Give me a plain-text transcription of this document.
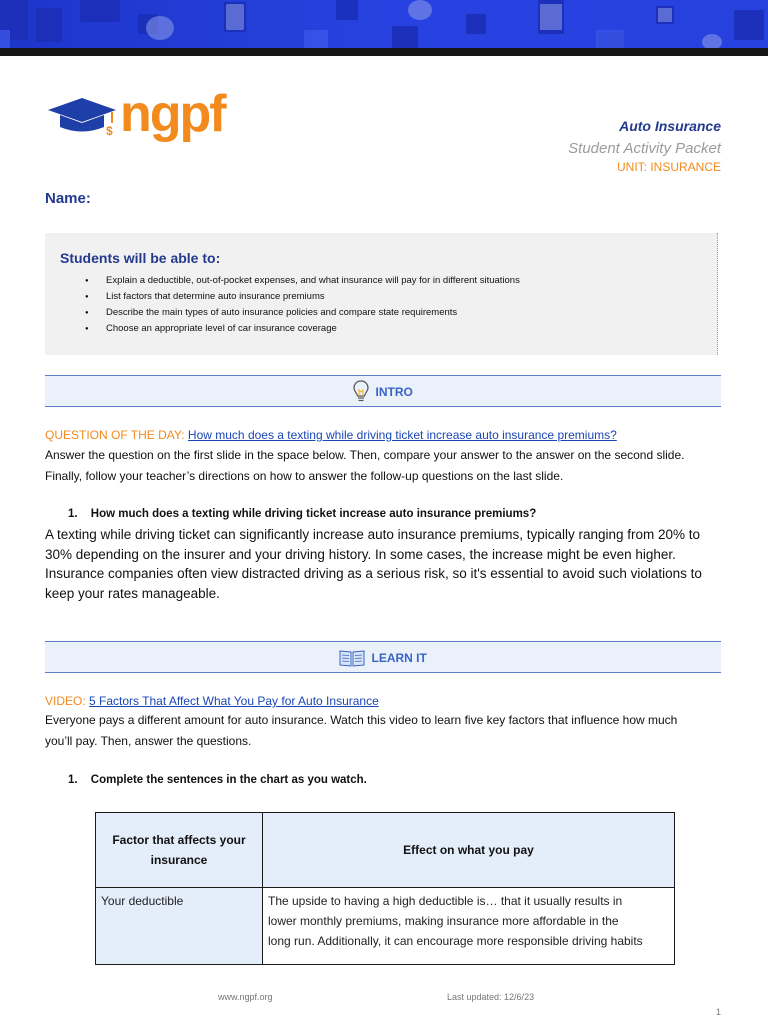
$ ngpf	Auto Insurance
Student Activity Packet
UNIT: INSURANCE
Name:
Students will be able to:
● Explain a deductible, out-of-pocket expenses, and what insurance will pay for in different situations
● List factors that determine auto insurance premiums
● Describe the main types of auto insurance policies and compare state requirements
● Choose an appropriate level of car insurance coverage
INTRO
QUESTION OF THE DAY: How much does a texting while driving ticket increase auto insurance premiums?
Answer the question on the first slide in the space below. Then, compare your answer to the answer on the second slide.
Finally, follow your teacher’s directions on how to answer the follow-up questions on the last slide.
1. How much does a texting while driving ticket increase auto insurance premiums?
A texting while driving ticket can significantly increase auto insurance premiums, typically ranging from 20% to
30% depending on the insurer and your driving history. In some cases, the increase might be even higher.
Insurance companies often view distracted driving as a serious risk, so it's essential to avoid such violations to
keep your rates manageable.
LEARN IT
VIDEO: 5 Factors That Affect What You Pay for Auto Insurance
Everyone pays a different amount for auto insurance. Watch this video to learn five key factors that influence how much
you’ll pay. Then, answer the questions.
1. Complete the sentences in the chart as you watch.
Factor that affects your
insurance	Effect on what you pay
Your deductible	The upside to having a high deductible is… that it usually results in
lower monthly premiums, making insurance more affordable in the
long run. Additionally, it can encourage more responsible driving habits
www.ngpf.org	Last updated: 12/6/23
1
